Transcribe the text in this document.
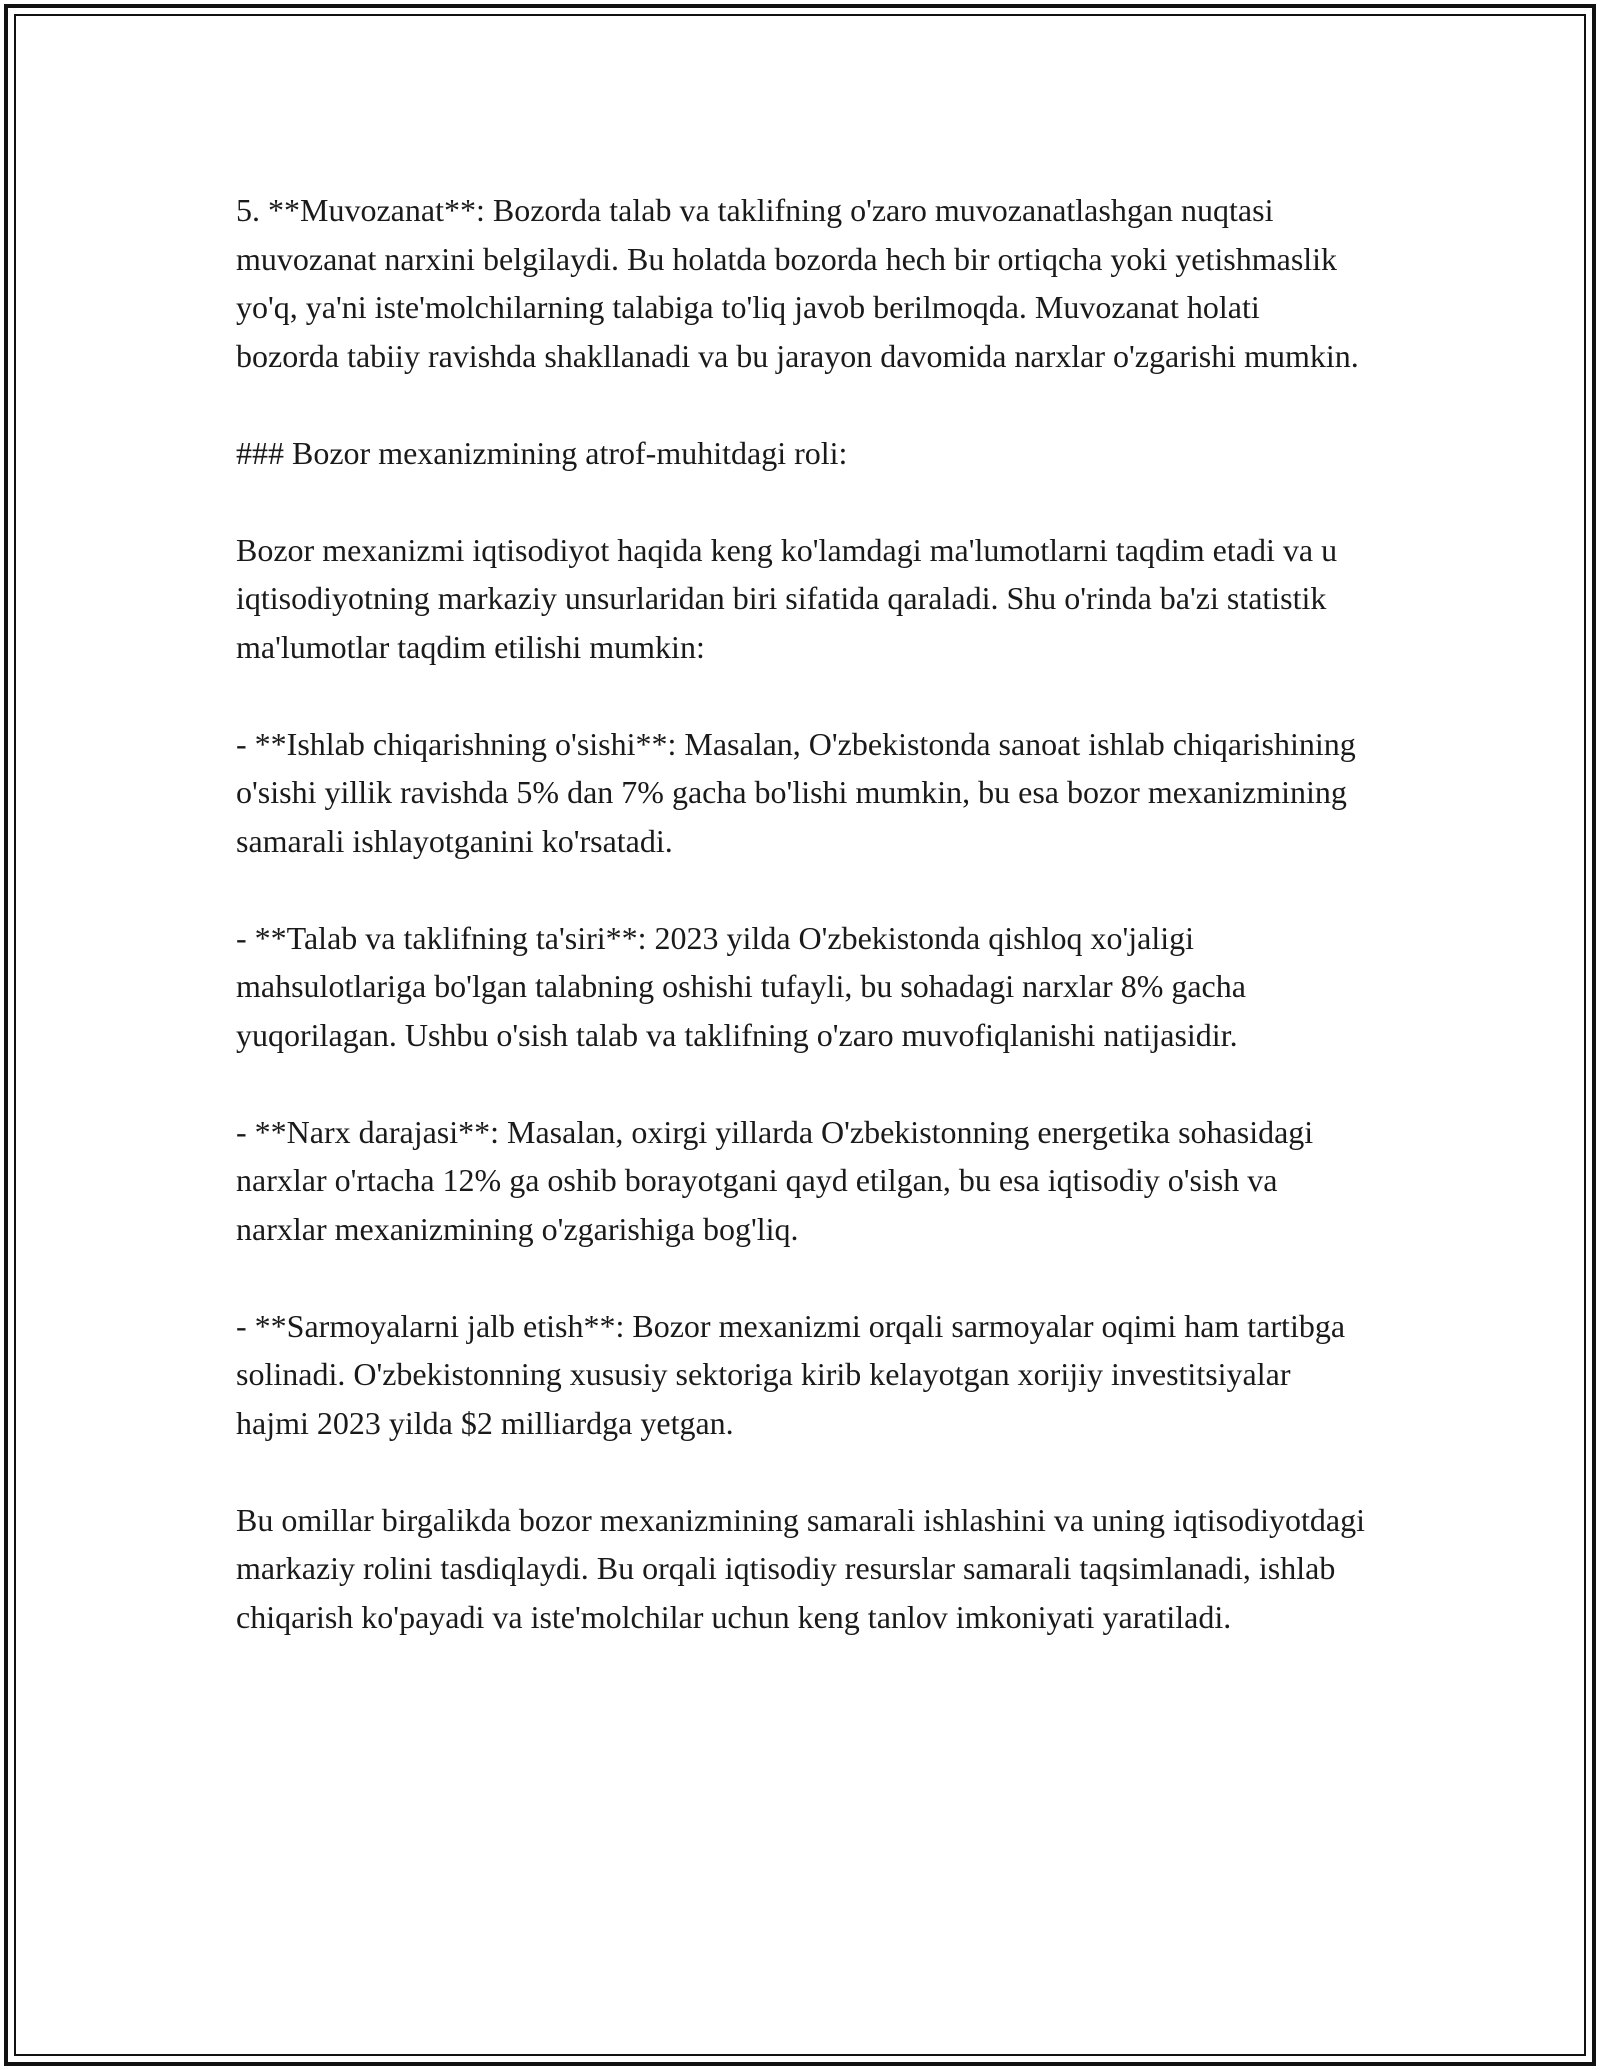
5. **Muvozanat**: Bozorda talab va taklifning o'zaro muvozanatlashgan nuqtasi muvozanat narxini belgilaydi. Bu holatda bozorda hech bir ortiqcha yoki yetishmaslik yo'q, ya'ni iste'molchilarning talabiga to'liq javob berilmoqda. Muvozanat holati bozorda tabiiy ravishda shakllanadi va bu jarayon davomida narxlar o'zgarishi mumkin.

### Bozor mexanizmining atrof-muhitdagi roli:

Bozor mexanizmi iqtisodiyot haqida keng ko'lamdagi ma'lumotlarni taqdim etadi va u iqtisodiyotning markaziy unsurlaridan biri sifatida qaraladi. Shu o'rinda ba'zi statistik ma'lumotlar taqdim etilishi mumkin:

- **Ishlab chiqarishning o'sishi**: Masalan, O'zbekistonda sanoat ishlab chiqarishining o'sishi yillik ravishda 5% dan 7% gacha bo'lishi mumkin, bu esa bozor mexanizmining samarali ishlayotganini ko'rsatadi.

- **Talab va taklifning ta'siri**: 2023 yilda O'zbekistonda qishloq xo'jaligi mahsulotlariga bo'lgan talabning oshishi tufayli, bu sohadagi narxlar 8% gacha yuqorilagan. Ushbu o'sish talab va taklifning o'zaro muvofiqlanishi natijasidir.

- **Narx darajasi**: Masalan, oxirgi yillarda O'zbekistonning energetika sohasidagi narxlar o'rtacha 12% ga oshib borayotgani qayd etilgan, bu esa iqtisodiy o'sish va narxlar mexanizmining o'zgarishiga bog'liq.

- **Sarmoyalarni jalb etish**: Bozor mexanizmi orqali sarmoyalar oqimi ham tartibga solinadi. O'zbekistonning xususiy sektoriga kirib kelayotgan xorijiy investitsiyalar hajmi 2023 yilda $2 milliardga yetgan.

Bu omillar birgalikda bozor mexanizmining samarali ishlashini va uning iqtisodiyotdagi markaziy rolini tasdiqlaydi. Bu orqali iqtisodiy resurslar samarali taqsimlanadi, ishlab chiqarish ko'payadi va iste'molchilar uchun keng tanlov imkoniyati yaratiladi.
